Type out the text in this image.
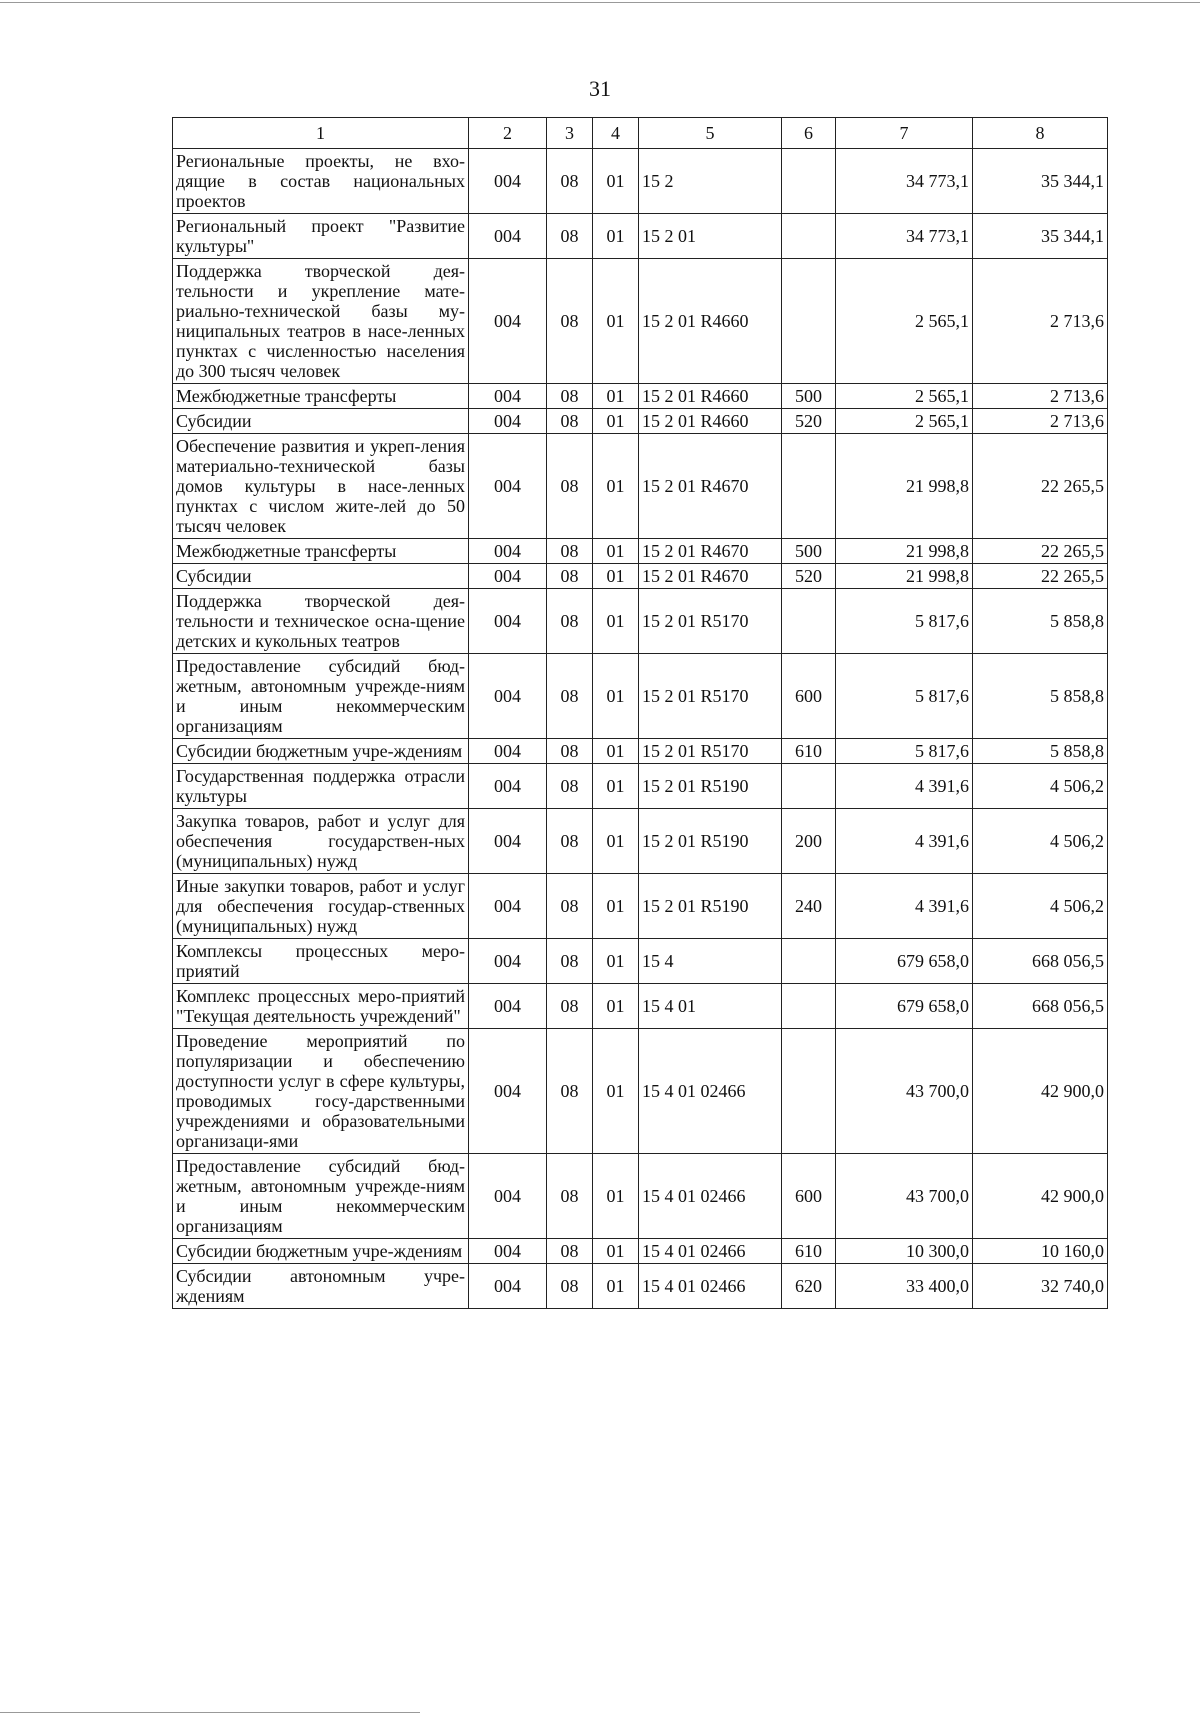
31
1	2	3	4	5	6	7	8
Региональные проекты, не вхо-дящие в состав национальных проектов	004	08	01	15 2		34 773,1	35 344,1
Региональный проект "Развитие культуры"	004	08	01	15 2 01		34 773,1	35 344,1
Поддержка творческой дея-тельности и укрепление мате-риально-технической базы му-ниципальных театров в насе-ленных пунктах с численностью населения до 300 тысяч человек	004	08	01	15 2 01 R4660		2 565,1	2 713,6
Межбюджетные трансферты	004	08	01	15 2 01 R4660	500	2 565,1	2 713,6
Субсидии	004	08	01	15 2 01 R4660	520	2 565,1	2 713,6
Обеспечение развития и укреп-ления материально-технической базы домов культуры в насе-ленных пунктах с числом жите-лей до 50 тысяч человек	004	08	01	15 2 01 R4670		21 998,8	22 265,5
Межбюджетные трансферты	004	08	01	15 2 01 R4670	500	21 998,8	22 265,5
Субсидии	004	08	01	15 2 01 R4670	520	21 998,8	22 265,5
Поддержка творческой дея-тельности и техническое осна-щение детских и кукольных театров	004	08	01	15 2 01 R5170		5 817,6	5 858,8
Предоставление субсидий бюд-жетным, автономным учрежде-ниям и иным некоммерческим организациям	004	08	01	15 2 01 R5170	600	5 817,6	5 858,8
Субсидии бюджетным учре-ждениям	004	08	01	15 2 01 R5170	610	5 817,6	5 858,8
Государственная поддержка отрасли культуры	004	08	01	15 2 01 R5190		4 391,6	4 506,2
Закупка товаров, работ и услуг для обеспечения государствен-ных (муниципальных) нужд	004	08	01	15 2 01 R5190	200	4 391,6	4 506,2
Иные закупки товаров, работ и услуг для обеспечения государ-ственных (муниципальных) нужд	004	08	01	15 2 01 R5190	240	4 391,6	4 506,2
Комплексы процессных меро-приятий	004	08	01	15 4		679 658,0	668 056,5
Комплекс процессных меро-приятий "Текущая деятельность учреждений"	004	08	01	15 4 01		679 658,0	668 056,5
Проведение мероприятий по популяризации и обеспечению доступности услуг в сфере культуры, проводимых госу-дарственными учреждениями и образовательными организаци-ями	004	08	01	15 4 01 02466		43 700,0	42 900,0
Предоставление субсидий бюд-жетным, автономным учрежде-ниям и иным некоммерческим организациям	004	08	01	15 4 01 02466	600	43 700,0	42 900,0
Субсидии бюджетным учре-ждениям	004	08	01	15 4 01 02466	610	10 300,0	10 160,0
Субсидии автономным учре-ждениям	004	08	01	15 4 01 02466	620	33 400,0	32 740,0
